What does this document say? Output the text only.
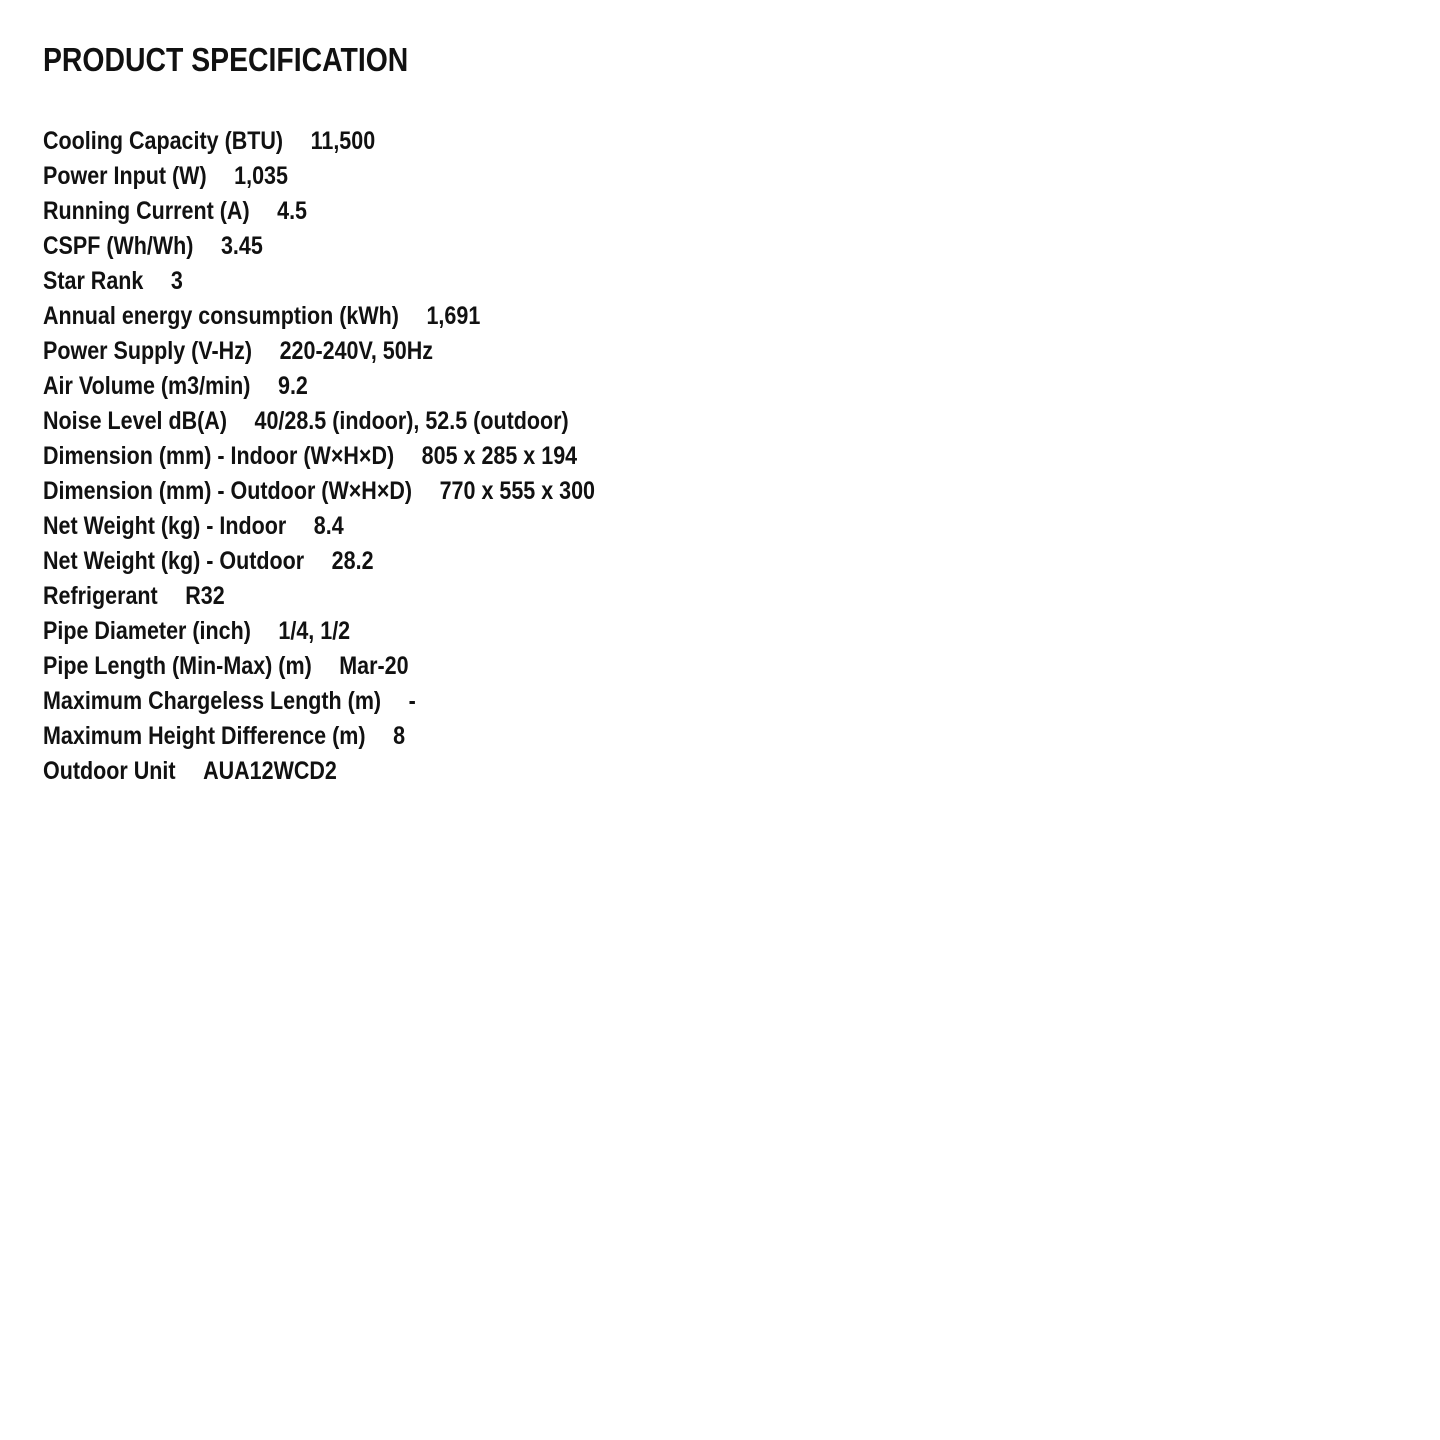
PRODUCT SPECIFICATION
Cooling Capacity (BTU) 11,500
Power Input (W) 1,035
Running Current (A) 4.5
CSPF (Wh/Wh) 3.45
Star Rank 3
Annual energy consumption (kWh) 1,691
Power Supply (V-Hz) 220-240V, 50Hz
Air Volume (m3/min) 9.2
Noise Level dB(A) 40/28.5 (indoor), 52.5 (outdoor)
Dimension (mm) - Indoor (W×H×D) 805 x 285 x 194
Dimension (mm) - Outdoor (W×H×D) 770 x 555 x 300
Net Weight (kg) - Indoor 8.4
Net Weight (kg) - Outdoor 28.2
Refrigerant R32
Pipe Diameter (inch) 1/4, 1/2
Pipe Length (Min-Max) (m) Mar-20
Maximum Chargeless Length (m) -
Maximum Height Difference (m) 8
Outdoor Unit AUA12WCD2
